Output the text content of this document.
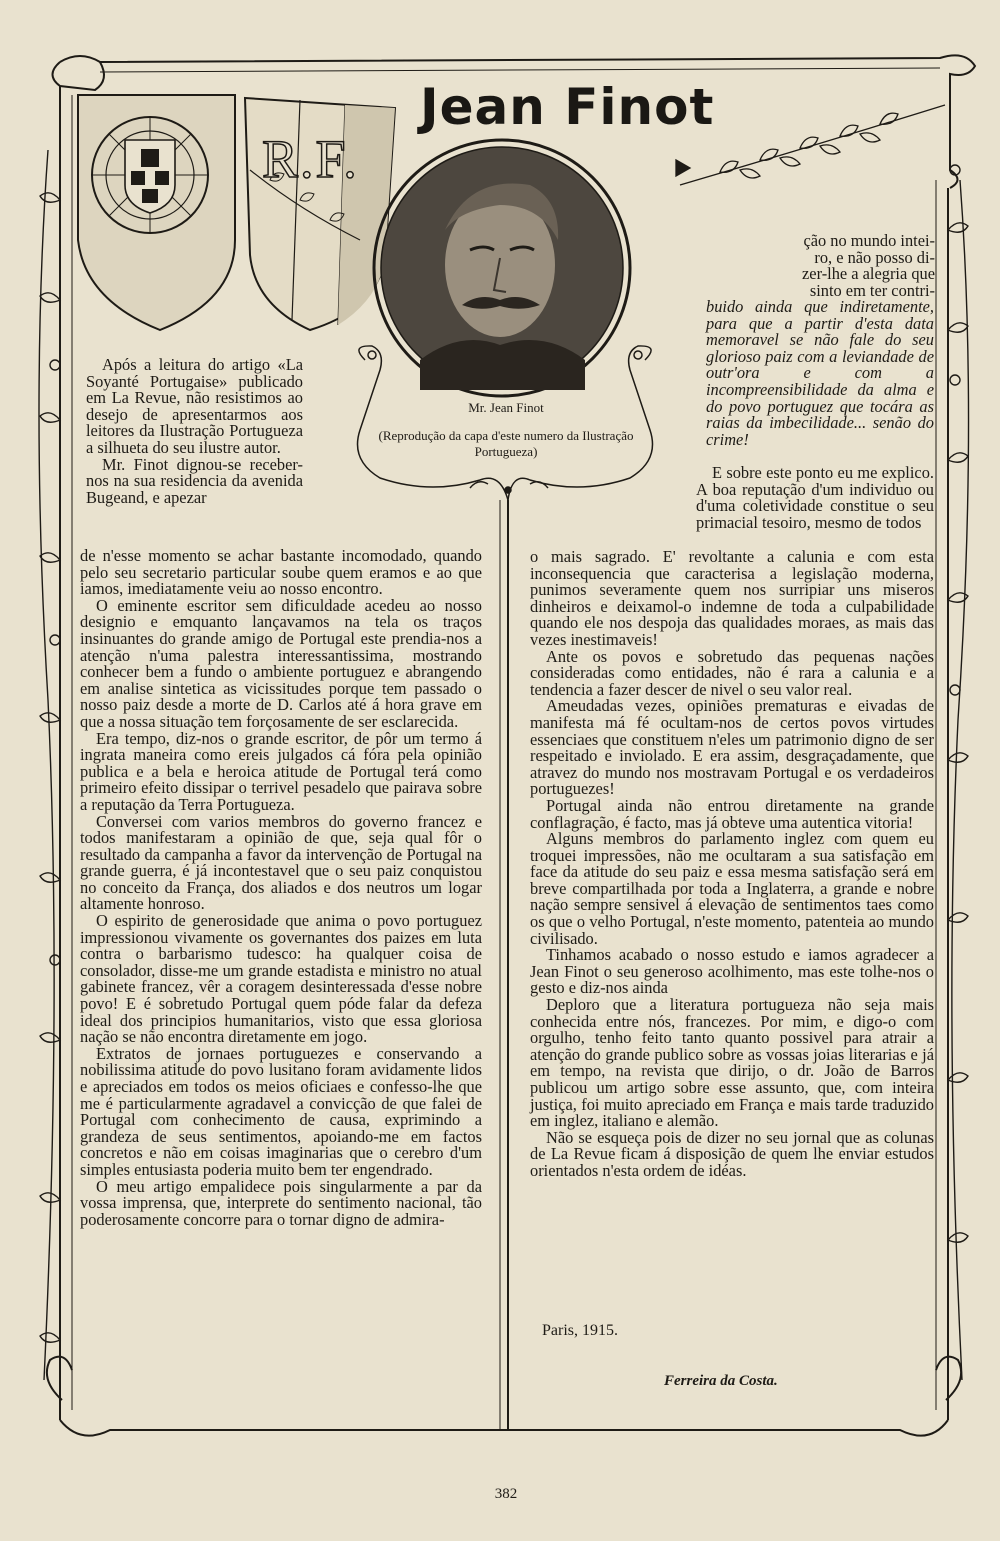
Jean Finot
R.F.
Mr. Jean Finot
(Reprodução da capa d'este numero da Ilustração Portugueza)

Após a leitura do artigo «La Soyanté Portugaise» publicado em La Revue, não resistimos ao desejo de apresentarmos aos leitores da Ilustração Portugueza a silhueta do seu ilustre autor.

Mr. Finot dignou-se receber-nos na sua residencia da avenida Bugeand, e apezar

de n'esse momento se achar bastante incomodado, quando pelo seu secretario particular soube quem eramos e ao que iamos, imediatamente veiu ao nosso encontro.

O eminente escritor sem dificuldade acedeu ao nosso designio e emquanto lançavamos na tela os traços insinuantes do grande amigo de Portugal este prendia-nos a atenção n'uma palestra interessantissima, mostrando conhecer bem a fundo o ambiente portuguez e abrangendo em analise sintetica as vicissitudes porque tem passado o nosso paiz desde a morte de D. Carlos até á hora grave em que a nossa situação tem forçosamente de ser esclarecida.

Era tempo, diz-nos o grande escritor, de pôr um termo á ingrata maneira como ereis julgados cá fóra pela opinião publica e a bela e heroica atitude de Portugal terá como primeiro efeito dissipar o terrivel pesadelo que pairava sobre a reputação da Terra Portugueza.

Conversei com varios membros do governo francez e todos manifestaram a opinião de que, seja qual fôr o resultado da campanha a favor da intervenção de Portugal na grande guerra, é já incontestavel que o seu paiz conquistou no conceito da França, dos aliados e dos neutros um logar altamente honroso.

O espirito de generosidade que anima o povo portuguez impressionou vivamente os governantes dos paizes em luta contra o barbarismo tudesco: ha qualquer coisa de consolador, disse-me um grande estadista e ministro no atual gabinete francez, vêr a coragem desinteressada d'esse nobre povo! E é sobretudo Portugal quem póde falar da defeza ideal dos principios humanitarios, visto que essa gloriosa nação se não encontra diretamente em jogo.

Extratos de jornaes portuguezes e conservando a nobilissima atitude do povo lusitano foram avidamente lidos e apreciados em todos os meios oficiaes e confesso-lhe que me é particularmente agradavel a convicção de que falei de Portugal com conhecimento de causa, exprimindo a grandeza de seus sentimentos, apoiando-me em factos concretos e não em coisas imaginarias que o cerebro d'um simples entusiasta poderia muito bem ter engendrado.

O meu artigo empalidece pois singularmente a par da vossa imprensa, que, interprete do sentimento nacional, tão poderosamente concorre para o tornar digno de admira-

ção no mundo intei-

ro, e não posso di-

zer-lhe a alegria que

sinto em ter contri-

buido ainda que indiretamente, para que a partir d'esta data memoravel se não fale do seu glorioso paiz com a leviandade de outr'ora e com a incompreensibilidade da alma e do povo portuguez que tocára as raias da imbecilidade... senão do crime!

E sobre este ponto eu me explico. A boa reputação d'um individuo ou d'uma coletividade constitue o seu primacial tesoiro, mesmo de todos

o mais sagrado. E' revoltante a calunia e com esta inconsequencia que caracterisa a legislação moderna, punimos severamente quem nos surripiar uns miseros dinheiros e deixamol-o indemne de toda a culpabilidade quando ele nos despoja das qualidades moraes, as mais das vezes inestimaveis!

Ante os povos e sobretudo das pequenas nações consideradas como entidades, não é rara a calunia e a tendencia a fazer descer de nivel o seu valor real.

Ameudadas vezes, opiniões prematuras e eivadas de manifesta má fé ocultam-nos de certos povos virtudes essenciaes que constituem n'eles um patrimonio digno de ser respeitado e inviolado. E era assim, desgraçadamente, que atravez do mundo nos mostravam Portugal e os verdadeiros portuguezes!

Portugal ainda não entrou diretamente na grande conflagração, é facto, mas já obteve uma autentica vitoria!

Alguns membros do parlamento inglez com quem eu troquei impressões, não me ocultaram a sua satisfação em face da atitude do seu paiz e essa mesma satisfação será em breve compartilhada por toda a Inglaterra, a grande e nobre nação sempre sensivel á elevação de sentimentos taes como os que o velho Portugal, n'este momento, patenteia ao mundo civilisado.

Tinhamos acabado o nosso estudo e iamos agradecer a Jean Finot o seu generoso acolhimento, mas este tolhe-nos o gesto e diz-nos ainda

Deploro que a literatura portugueza não seja mais conhecida entre nós, francezes. Por mim, e digo-o com orgulho, tenho feito tanto quanto possivel para atrair a atenção do grande publico sobre as vossas joias literarias e já em tempo, na revista que dirijo, o dr. João de Barros publicou um artigo sobre esse assunto, que, com inteira justiça, foi muito apreciado em França e mais tarde traduzido em inglez, italiano e alemão.

Não se esqueça pois de dizer no seu jornal que as colunas de La Revue ficam á disposição de quem lhe enviar estudos orientados n'esta ordem de idéas.

Paris, 1915.
Ferreira da Costa.
382
